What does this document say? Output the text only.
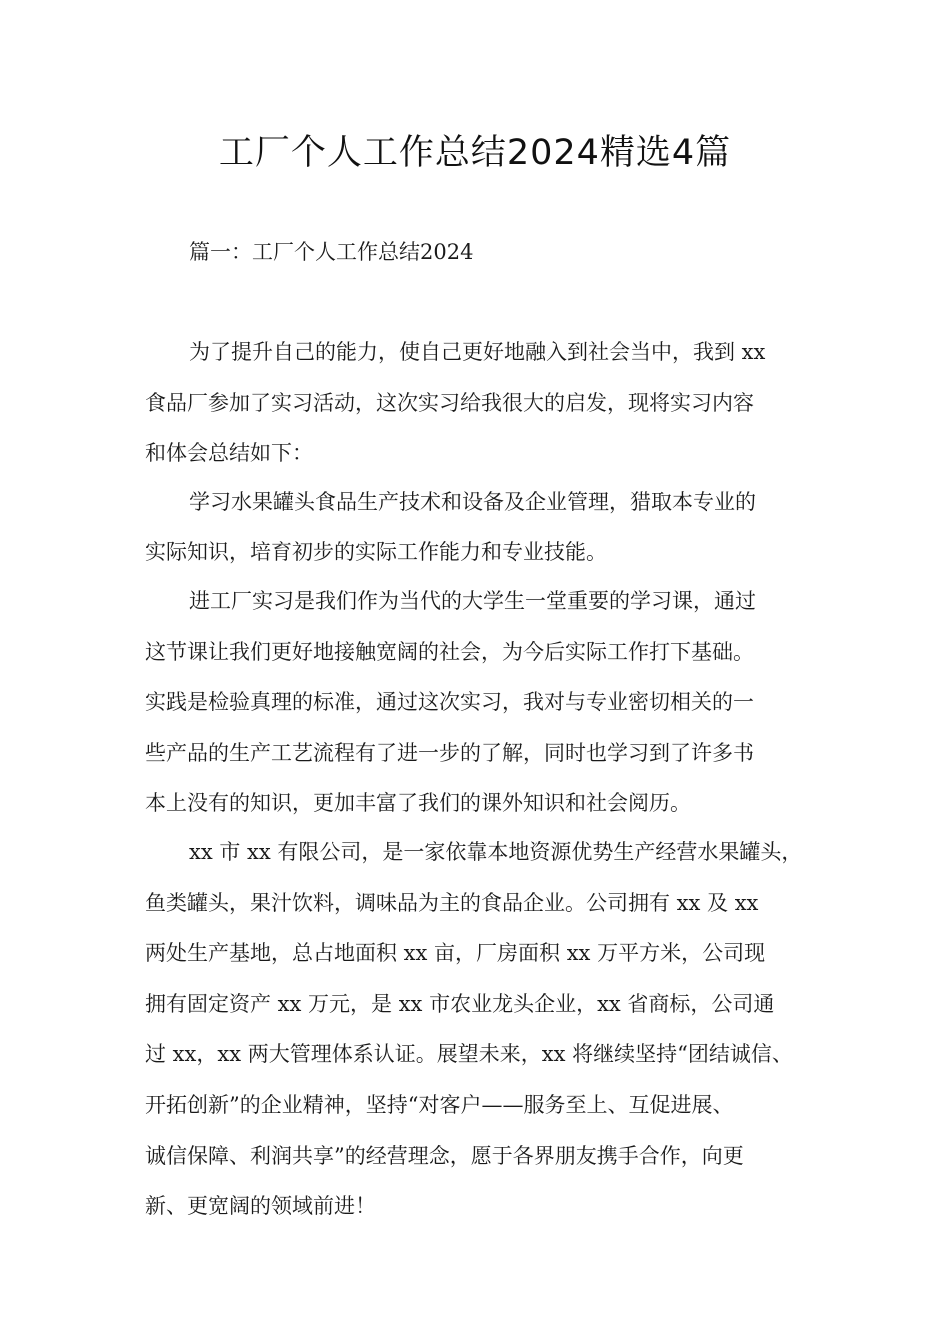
工厂个人工作总结2024精选4篇

篇一：工厂个人工作总结2024

为了提升自己的能力，使自己更好地融入到社会当中，我到 xx
食品厂参加了实习活动，这次实习给我很大的启发，现将实习内容
和体会总结如下：
学习水果罐头食品生产技术和设备及企业管理，猎取本专业的
实际知识，培育初步的实际工作能力和专业技能。
进工厂实习是我们作为当代的大学生一堂重要的学习课，通过
这节课让我们更好地接触宽阔的社会，为今后实际工作打下基础。
实践是检验真理的标准，通过这次实习，我对与专业密切相关的一
些产品的生产工艺流程有了进一步的了解，同时也学习到了许多书
本上没有的知识，更加丰富了我们的课外知识和社会阅历。
xx 市 xx 有限公司，是一家依靠本地资源优势生产经营水果罐头，
鱼类罐头，果汁饮料，调味品为主的食品企业。公司拥有 xx 及 xx
两处生产基地，总占地面积 xx 亩，厂房面积 xx 万平方米，公司现
拥有固定资产 xx 万元，是 xx 市农业龙头企业，xx 省商标，公司通
过 xx，xx 两大管理体系认证。展望未来，xx 将继续坚持“团结诚信、
开拓创新”的企业精神，坚持“对客户——服务至上、互促进展、
诚信保障、利润共享”的经营理念，愿于各界朋友携手合作，向更
新、更宽阔的领域前进！
